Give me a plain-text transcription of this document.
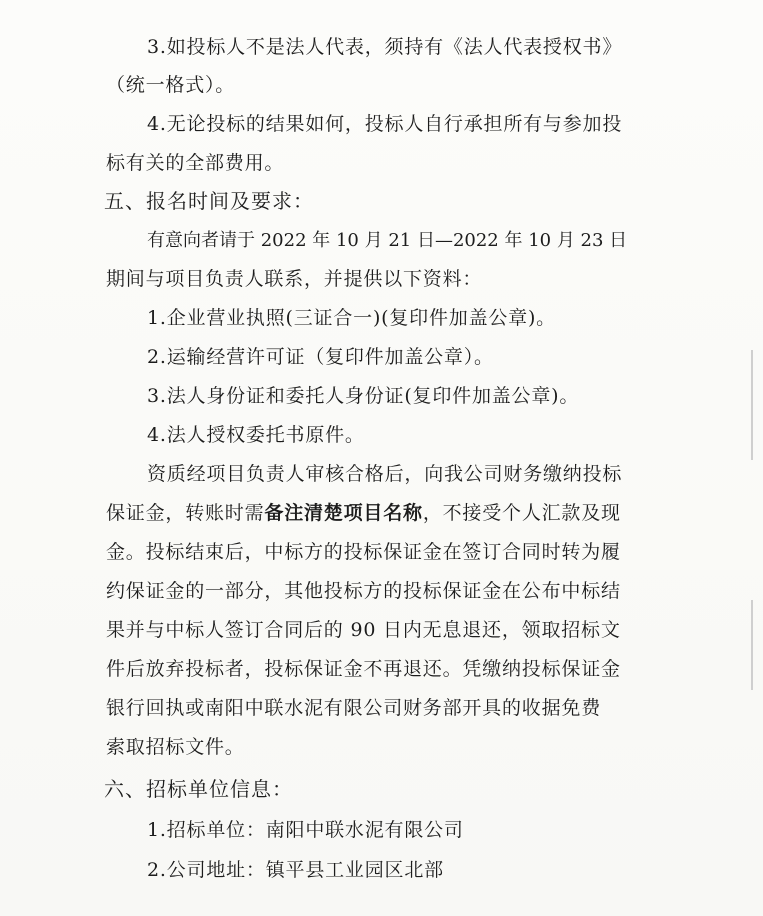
3.如投标人不是法人代表，须持有《法人代表授权书》
（统一格式）。
4.无论投标的结果如何，投标人自行承担所有与参加投
标有关的全部费用。
五、报名时间及要求：
有意向者请于 2022 年 10 月 21 日—2022 年 10 月 23 日
期间与项目负责人联系，并提供以下资料：
1.企业营业执照(三证合一)(复印件加盖公章)。
2.运输经营许可证（复印件加盖公章）。
3.法人身份证和委托人身份证(复印件加盖公章)。
4.法人授权委托书原件。
资质经项目负责人审核合格后，向我公司财务缴纳投标
保证金，转账时需备注清楚项目名称，不接受个人汇款及现
金。投标结束后，中标方的投标保证金在签订合同时转为履
约保证金的一部分，其他投标方的投标保证金在公布中标结
果并与中标人签订合同后的 90 日内无息退还，领取招标文
件后放弃投标者，投标保证金不再退还。凭缴纳投标保证金
银行回执或南阳中联水泥有限公司财务部开具的收据免费
索取招标文件。
六、招标单位信息：
1.招标单位：南阳中联水泥有限公司
2.公司地址：镇平县工业园区北部
